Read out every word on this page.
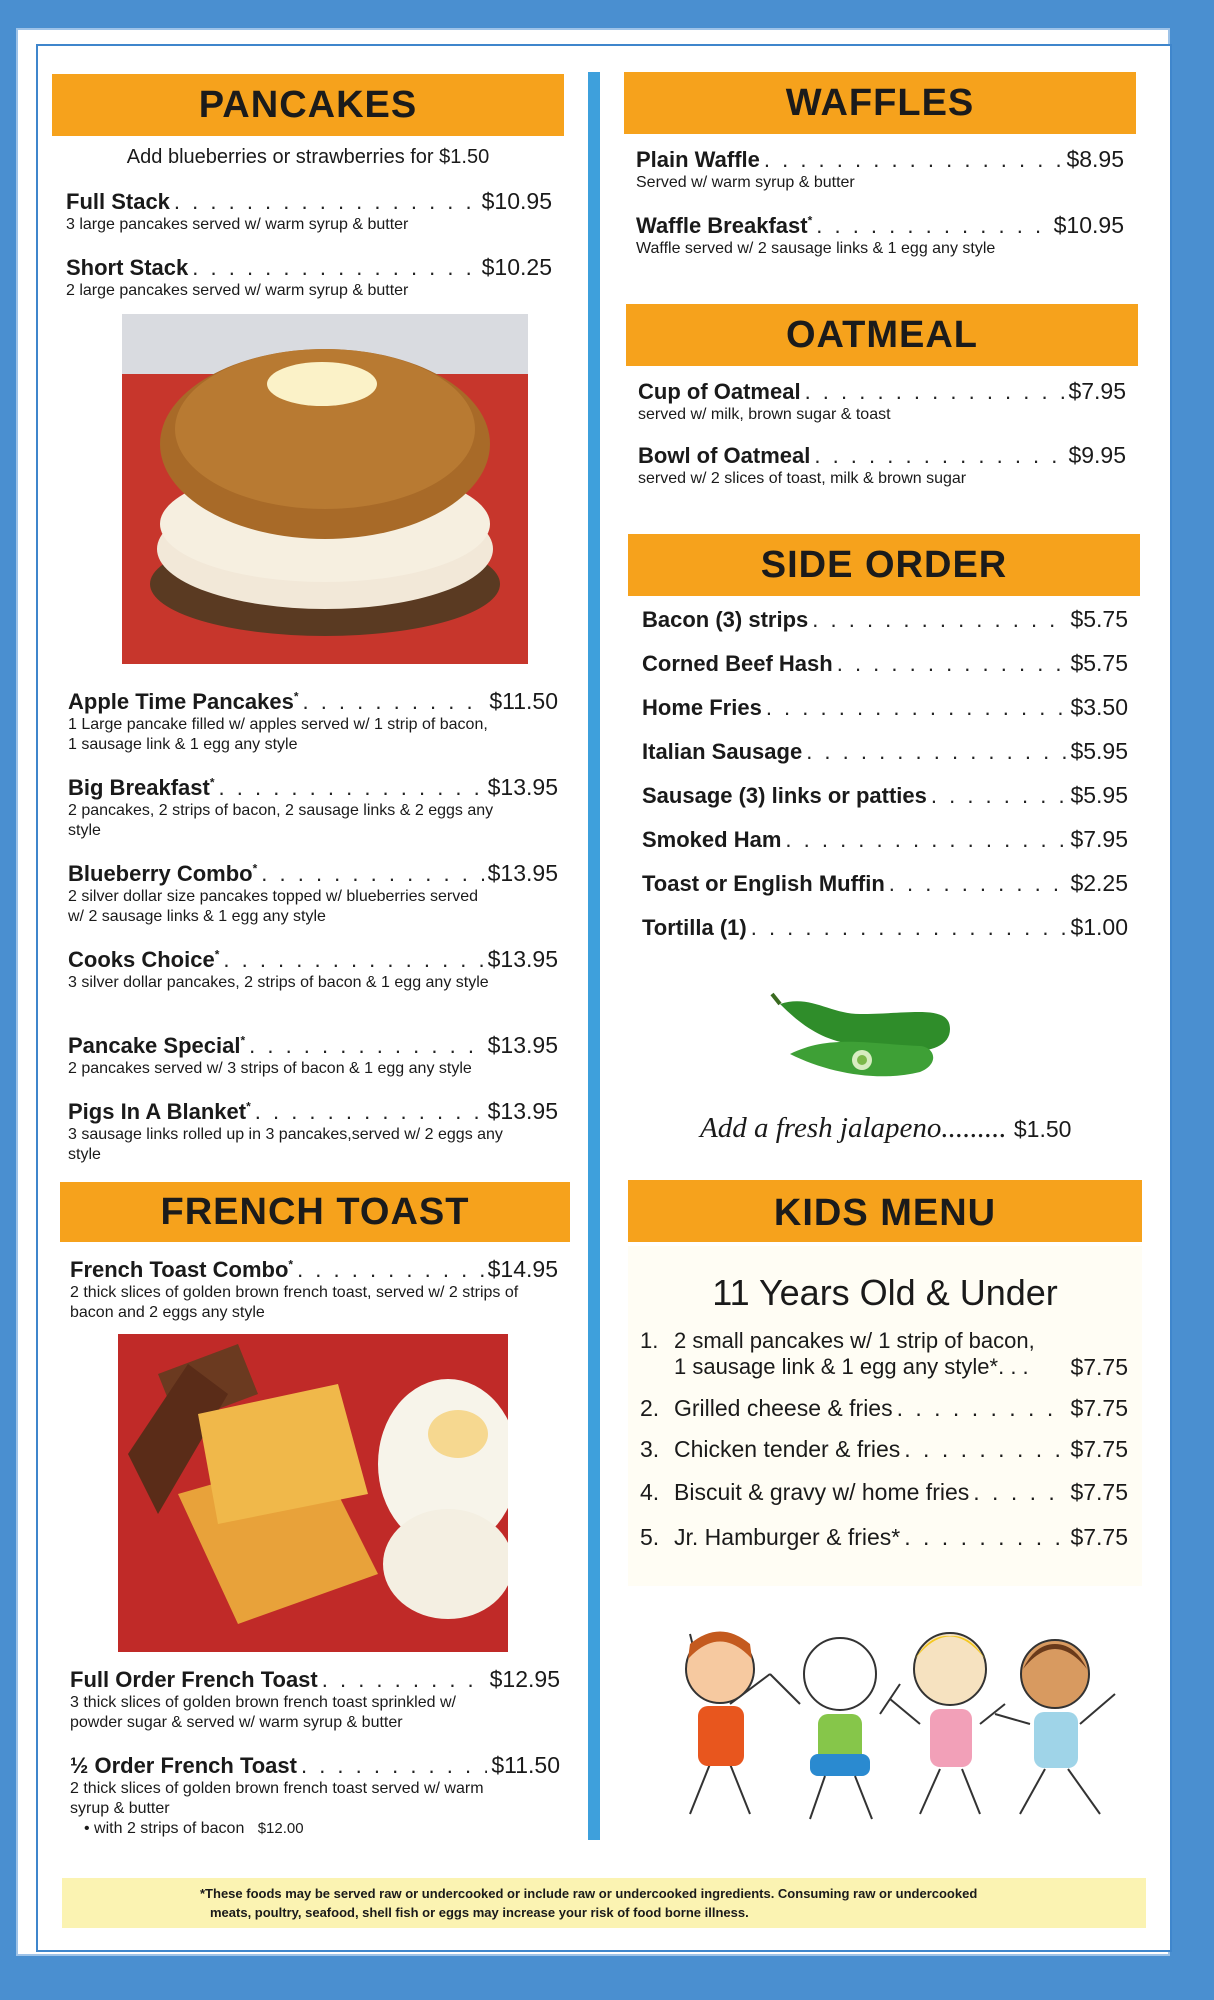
PANCAKES
Add blueberries or strawberries for $1.50
Full Stack . . .	$10.95
3 large pancakes served w/ warm syrup & butter
Short Stack . . .	$10.25
2 large pancakes served w/ warm syrup & butter
Apple Time Pancakes* . . .	$11.50
1 Large pancake filled w/ apples served w/ 1 strip of bacon, 1 sausage link & 1 egg any style
Big Breakfast* . . .	$13.95
2 pancakes, 2 strips of bacon, 2 sausage links & 2 eggs any style
Blueberry Combo* . . .	$13.95
2 silver dollar size pancakes topped w/ blueberries served w/ 2 sausage links & 1 egg any style
Cooks Choice* . . .	$13.95
3 silver dollar pancakes, 2 strips of bacon & 1 egg any style
Pancake Special* . . .	$13.95
2 pancakes served w/ 3 strips of bacon & 1 egg any style
Pigs In A Blanket* . . .	$13.95
3 sausage links rolled up in 3 pancakes,served w/ 2 eggs any style
FRENCH TOAST
French Toast Combo* . . .	$14.95
2 thick slices of golden brown french toast, served w/ 2 strips of bacon and 2 eggs any style
Full Order French Toast . . .	$12.95
3 thick slices of golden brown french toast sprinkled w/ powder sugar & served w/ warm syrup & butter
½ Order French Toast . . .	$11.50
2 thick slices of golden brown french toast served w/ warm syrup & butter
• with 2 strips of bacon $12.00
WAFFLES
Plain Waffle . . .	$8.95
Served w/ warm syrup & butter
Waffle Breakfast* . . .	$10.95
Waffle served w/ 2 sausage links & 1 egg any style
OATMEAL
Cup of Oatmeal . . .	$7.95
served w/ milk, brown sugar & toast
Bowl of Oatmeal . . .	$9.95
served w/ 2 slices of toast, milk & brown sugar
SIDE ORDER
Bacon (3) strips . . .	$5.75
Corned Beef Hash . . .	$5.75
Home Fries . . .	$3.50
Italian Sausage . . .	$5.95
Sausage (3) links or patties . . .	$5.95
Smoked Ham . . .	$7.95
Toast or English Muffin . . .	$2.25
Tortilla (1) . . .	$1.00
Add a fresh jalapeno......... $1.50
KIDS MENU
11 Years Old & Under
1. 2 small pancakes w/ 1 strip of bacon,
1 sausage link & 1 egg any style*. . . $7.75
2. Grilled cheese & fries . . .	$7.75
3. Chicken tender & fries . . .	$7.75
4. Biscuit & gravy w/ home fries . . .	$7.75
5. Jr. Hamburger & fries* . . .	$7.75
*These foods may be served raw or undercooked or include raw or undercooked ingredients. Consuming raw or undercooked
meats, poultry, seafood, shell fish or eggs may increase your risk of food borne illness.
